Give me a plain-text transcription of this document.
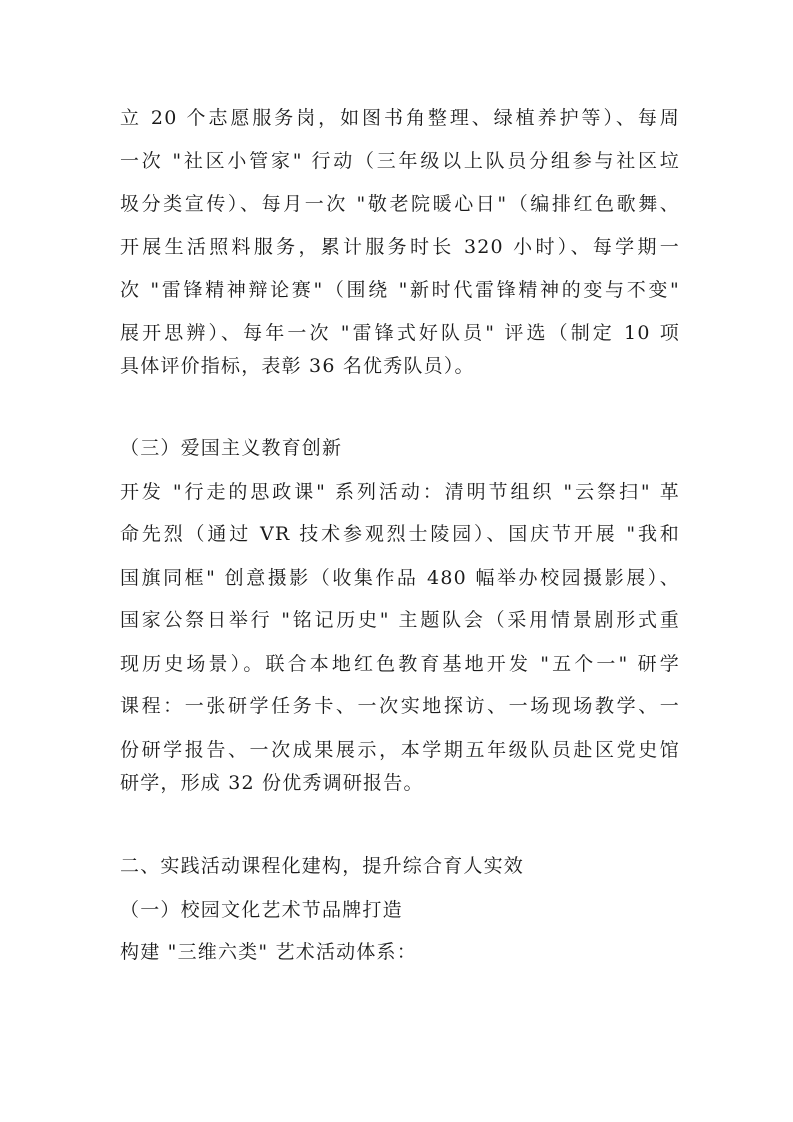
立 20 个志愿服务岗，如图书角整理、绿植养护等）、每周
一次 "社区小管家" 行动（三年级以上队员分组参与社区垃
圾分类宣传）、每月一次 "敬老院暖心日"（编排红色歌舞、
开展生活照料服务，累计服务时长 320 小时）、每学期一
次 "雷锋精神辩论赛"（围绕 "新时代雷锋精神的变与不变"
展开思辨）、每年一次 "雷锋式好队员" 评选（制定 10 项
具体评价指标，表彰 36 名优秀队员）。
（三）爱国主义教育创新
开发 "行走的思政课" 系列活动：清明节组织 "云祭扫" 革
命先烈（通过 VR 技术参观烈士陵园）、国庆节开展 "我和
国旗同框" 创意摄影（收集作品 480 幅举办校园摄影展）、
国家公祭日举行 "铭记历史" 主题队会（采用情景剧形式重
现历史场景）。联合本地红色教育基地开发 "五个一" 研学
课程：一张研学任务卡、一次实地探访、一场现场教学、一
份研学报告、一次成果展示，本学期五年级队员赴区党史馆
研学，形成 32 份优秀调研报告。
二、实践活动课程化建构，提升综合育人实效
（一）校园文化艺术节品牌打造
构建 "三维六类" 艺术活动体系：
